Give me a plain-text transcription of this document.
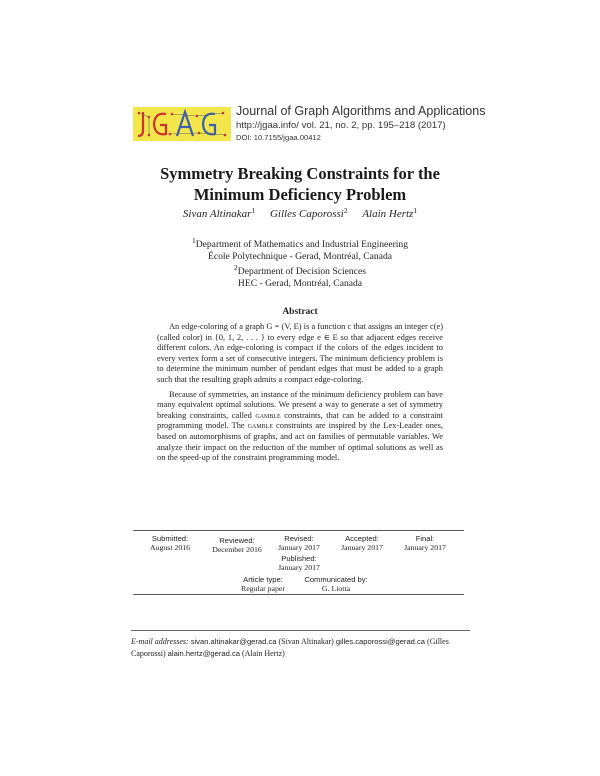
Journal of Graph Algorithms and Applications
http://jgaa.info/ vol. 21, no. 2, pp. 195–218 (2017)
DOI: 10.7155/jgaa.00412
Symmetry Breaking Constraints for the
Minimum Deficiency Problem
Sivan Altinakar$^1$ Gilles Caporossi$^2$ Alain Hertz$^1$
$^1$Department of Mathematics and Industrial Engineering
École Polytechnique - Gerad, Montréal, Canada
$^2$Department of Decision Sciences
HEC - Gerad, Montréal, Canada
Abstract

An edge-coloring of a graph G = (V, E) is a function c that assigns an integer c(e) (called color) in {0, 1, 2, . . . } to every edge e ∈ E so that adjacent edges receive different colors. An edge-coloring is compact if the colors of the edges incident to every vertex form a set of consecutive integers. The minimum deficiency problem is to determine the minimum number of pendant edges that must be added to a graph such that the resulting graph admits a compact edge-coloring.

Because of symmetries, an instance of the minimum deficiency problem can have many equivalent optimal solutions. We present a way to generate a set of symmetry breaking constraints, called gamble constraints, that can be added to a constraint programming model. The gamble constraints are inspired by the Lex-Leader ones, based on automorphisms of graphs, and act on families of permutable variables. We analyze their impact on the reduction of the number of optimal solutions as well as on the speed-up of the constraint programming model.

Submitted:
August 2016
Reviewed:
December 2016
Revised:
January 2017
Accepted:
January 2017
Final:
January 2017
Published:
January 2017
Article type:
Regular paper
Communicated by:
G. Liotta
E-mail addresses: sivan.altinakar@gerad.ca (Sivan Altinakar) gilles.caporossi@gerad.ca (Gilles Caporossi) alain.hertz@gerad.ca (Alain Hertz)
